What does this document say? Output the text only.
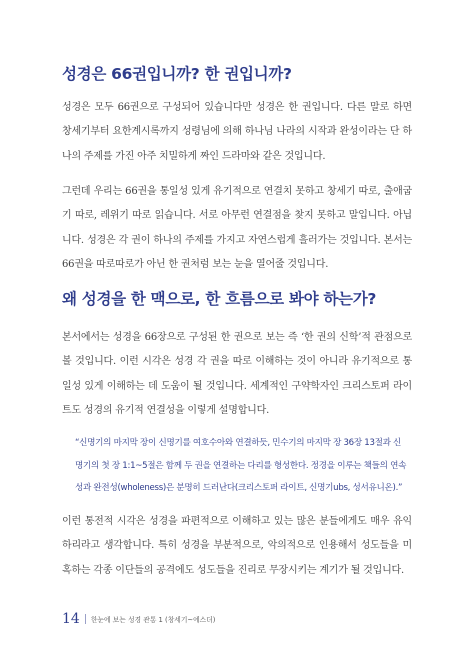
성경은 66권입니까? 한 권입니까?
성경은 모두 66권으로 구성되어 있습니다만 성경은 한 권입니다. 다른 말로 하면 창세기부터 요한계시록까지 성령님에 의해 하나님 나라의 시작과 완성이라는 단 하나의 주제를 가진 아주 치밀하게 짜인 드라마와 같은 것입니다.
그런데 우리는 66권을 통일성 있게 유기적으로 연결치 못하고 창세기 따로, 출애굽기 따로, 레위기 따로 읽습니다. 서로 아무런 연결점을 찾지 못하고 말입니다. 아닙니다. 성경은 각 권이 하나의 주제를 가지고 자연스럽게 흘러가는 것입니다. 본서는 66권을 따로따로가 아닌 한 권처럼 보는 눈을 열어줄 것입니다.
왜 성경을 한 맥으로, 한 흐름으로 봐야 하는가?
본서에서는 성경을 66장으로 구성된 한 권으로 보는 즉 ‘한 권의 신학’적 관점으로 볼 것입니다. 이런 시각은 성경 각 권을 따로 이해하는 것이 아니라 유기적으로 통일성 있게 이해하는 데 도움이 될 것입니다. 세계적인 구약학자인 크리스토퍼 라이트도 성경의 유기적 연결성을 이렇게 설명합니다.
“신명기의 마지막 장이 신명기를 여호수아와 연결하듯, 민수기의 마지막 장 36장 13절과 신명기의 첫 장 1:1~5절은 함께 두 권을 연결하는 다리를 형성한다. 정경을 이루는 책들의 연속성과 완전성(wholeness)은 분명히 드러난다(크리스토퍼 라이트, 신명기ubs, 성서유니온).”
이런 통전적 시각은 성경을 파편적으로 이해하고 있는 많은 분들에게도 매우 유익하리라고 생각합니다. 특히 성경을 부분적으로, 악의적으로 인용해서 성도들을 미혹하는 각종 이단들의 공격에도 성도들을 진리로 무장시키는 계기가 될 것입니다.
14 한눈에 보는 성경 관통 1 (창세기~에스더)
